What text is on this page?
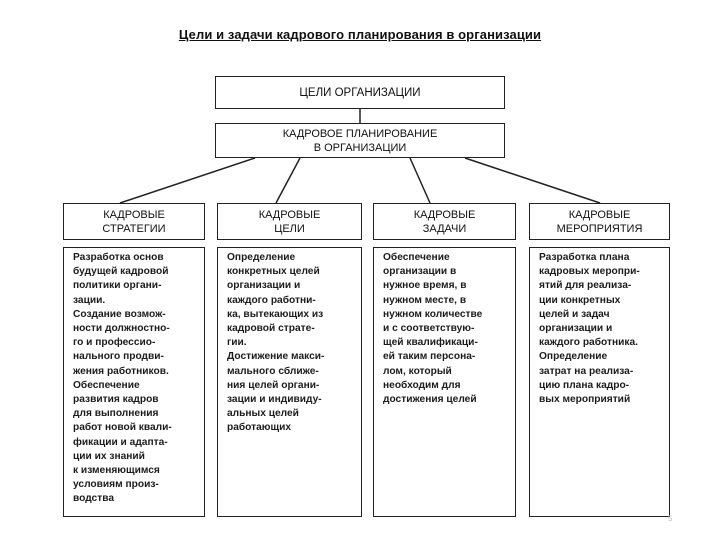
Цели и задачи кадрового планирования в организации
ЦЕЛИ ОРГАНИЗАЦИИ
КАДРОВОЕ ПЛАНИРОВАНИЕ
В ОРГАНИЗАЦИИ
КАДРОВЫЕ
СТРАТЕГИИ
КАДРОВЫЕ
ЦЕЛИ
КАДРОВЫЕ
ЗАДАЧИ
КАДРОВЫЕ
МЕРОПРИЯТИЯ
Разработка основ
будущей кадровой
политики органи-
зации.
Создание возмож-
ности должностно-
го и профессио-
нального продви-
жения работников.
Обеспечение
развития кадров
для выполнения
работ новой квали-
фикации и адапта-
ции их знаний
к изменяющимся
условиям произ-
водства
Определение
конкретных целей
организации и
каждого работни-
ка, вытекающих из
кадровой страте-
гии.
Достижение макси-
мального сближе-
ния целей органи-
зации и индивиду-
альных целей
работающих
Обеспечение
организации в
нужное время, в
нужном месте, в
нужном количестве
и с соответствую-
щей квалификаци-
ей таким персона-
лом, который
необходим для
достижения целей
Разработка плана
кадровых меропри-
ятий для реализа-
ции конкретных
целей и задач
организации и
каждого работника.
Определение
затрат на реализа-
цию плана кадро-
вых мероприятий
5
